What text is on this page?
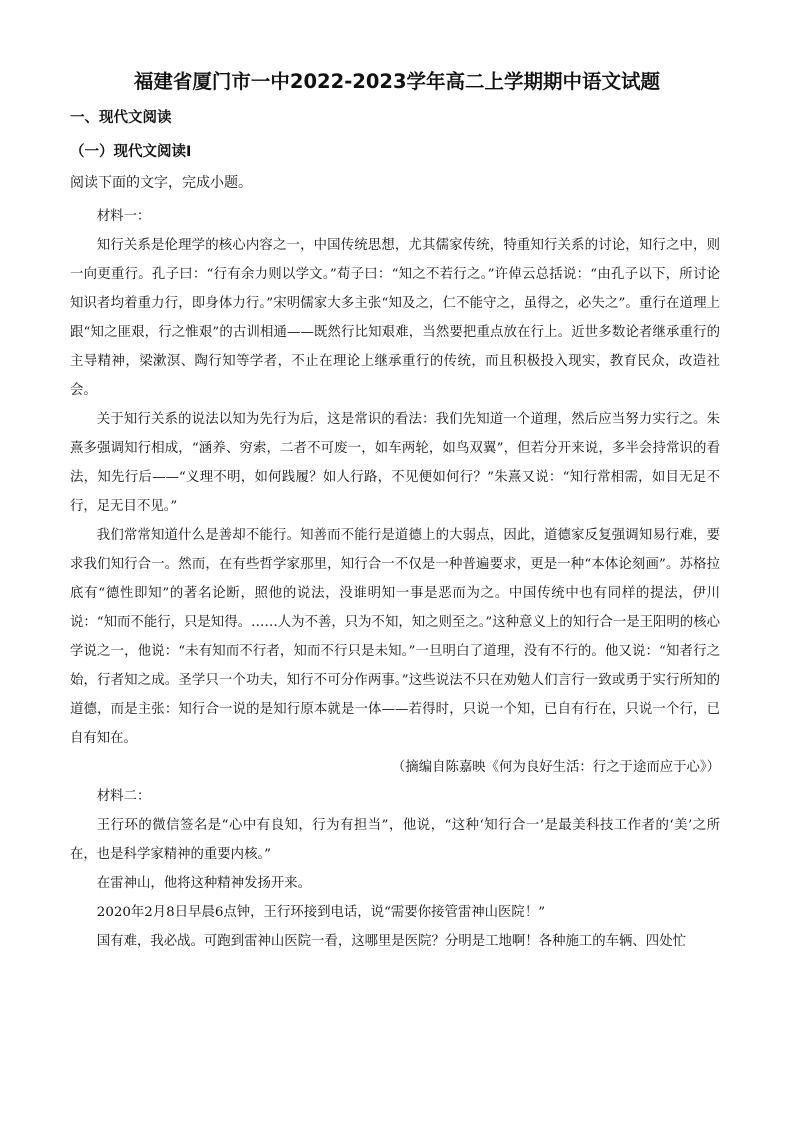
福建省厦门市一中2022-2023学年高二上学期期中语文试题
一、现代文阅读
（一）现代文阅读Ⅰ
阅读下面的文字，完成小题。

材料一：

知行关系是伦理学的核心内容之一，中国传统思想，尤其儒家传统，特重知行关系的讨论，知行之中，则一向更重行。孔子曰：“行有余力则以学文。”荀子曰：“知之不若行之。”许倬云总括说：“由孔子以下，所讨论知识者均着重力行，即身体力行。”宋明儒家大多主张“知及之，仁不能守之，虽得之，必失之”。重行在道理上跟“知之匪艰，行之惟艰”的古训相通——既然行比知艰难，当然要把重点放在行上。近世多数论者继承重行的主导精神，梁漱溟、陶行知等学者，不止在理论上继承重行的传统，而且积极投入现实，教育民众，改造社会。

关于知行关系的说法以知为先行为后，这是常识的看法：我们先知道一个道理，然后应当努力实行之。朱熹多强调知行相成，“涵养、穷索，二者不可废一，如车两轮，如鸟双翼”，但若分开来说，多半会持常识的看法，知先行后——“义理不明，如何践履？如人行路，不见便如何行？”朱熹又说：“知行常相需，如目无足不行，足无目不见。”

我们常常知道什么是善却不能行。知善而不能行是道德上的大弱点，因此，道德家反复强调知易行难，要求我们知行合一。然而，在有些哲学家那里，知行合一不仅是一种普遍要求，更是一种“本体论刻画”。苏格拉底有“德性即知”的著名论断，照他的说法，没谁明知一事是恶而为之。中国传统中也有同样的提法，伊川说：“知而不能行，只是知得。……人为不善，只为不知，知之则至之。”这种意义上的知行合一是王阳明的核心学说之一，他说：“未有知而不行者，知而不行只是未知。”一旦明白了道理，没有不行的。他又说：“知者行之始，行者知之成。圣学只一个功夫，知行不可分作两事。”这些说法不只在劝勉人们言行一致或勇于实行所知的道德，而是主张：知行合一说的是知行原本就是一体——若得时，只说一个知，已自有行在，只说一个行，已自有知在。

（摘编自陈嘉映《何为良好生活：行之于途而应于心》）

材料二：

王行环的微信签名是“心中有良知，行为有担当”，他说，“这种‘知行合一’是最美科技工作者的‘美’之所在，也是科学家精神的重要内核。”

在雷神山，他将这种精神发扬开来。

2020年2月8日早晨6点钟，王行环接到电话，说“需要你接管雷神山医院！”

国有难，我必战。可跑到雷神山医院一看，这哪里是医院？分明是工地啊！各种施工的车辆、四处忙
